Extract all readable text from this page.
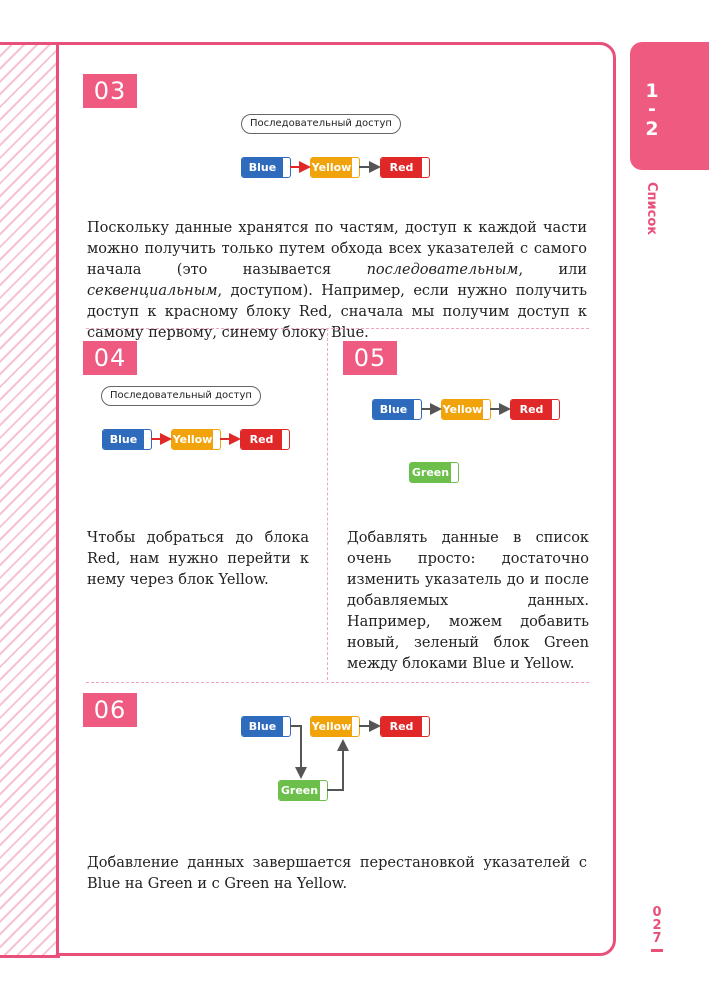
1
-
2
Список
0
2
7
03
Последовательный доступ
Blue	Yellow	Red
Поскольку данные хранятся по частям, доступ к каждой части можно получить только путем обхода всех указателей с самого начала (это называется последовательным, или секвенциальным, доступом). Например, если нужно получить доступ к красному блоку Red, сначала мы получим доступ к самому первому, синему блоку Blue.
04
Последовательный доступ
Blue	Yellow	Red
Чтобы добраться до блока Red, нам нужно перейти к нему через блок Yellow.
05
Blue	Yellow	Red
Green
Добавлять данные в список очень просто: достаточно изменить указатель до и после добавляемых данных. Например, можем добавить новый, зеленый блок Green между блоками Blue и Yellow.
06
Blue	Yellow	Red
Green
Добавление данных завершается перестановкой указателей с Blue на Green и с Green на Yellow.
